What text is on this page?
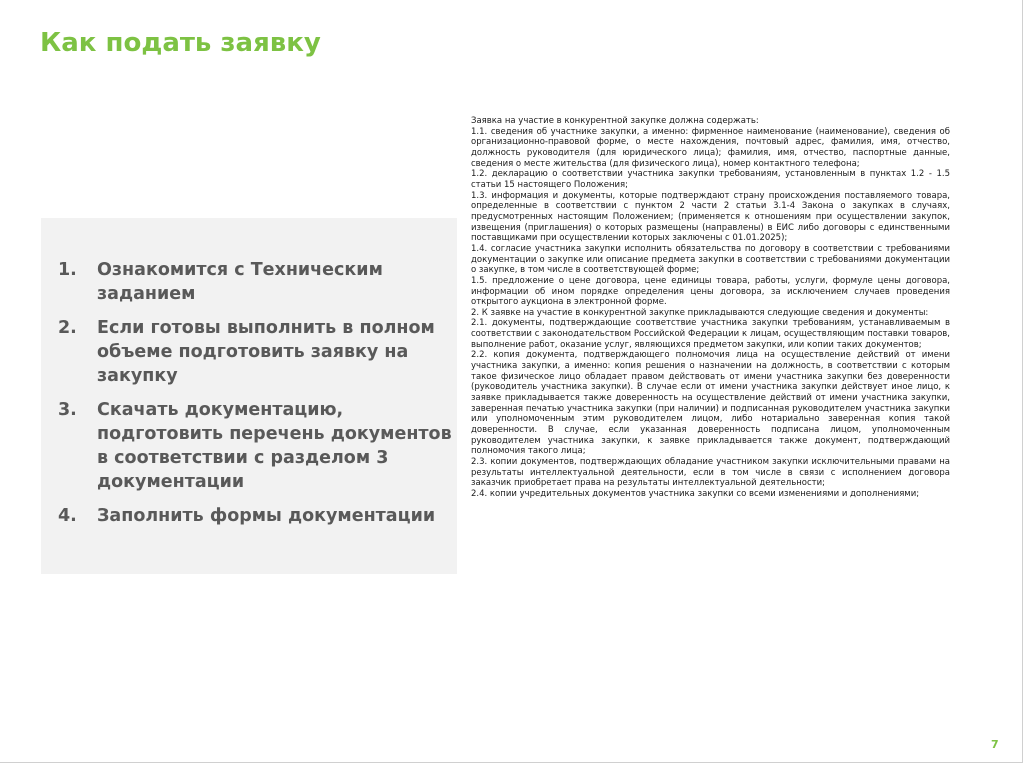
Как подать заявку
1.	Ознакомится с Техническим заданием
2.	Если готовы выполнить в полном объеме подготовить заявку на закупку
3.	Скачать документацию, подготовить перечень документов в соответствии с разделом 3 документации
4.	Заполнить формы документации

Заявка на участие в конкурентной закупке должна содержать:

1.1. сведения об участнике закупки, а именно: фирменное наименование (наименование), сведения об организационно-правовой форме, о месте нахождения, почтовый адрес, фамилия, имя, отчество, должность руководителя (для юридического лица); фамилия, имя, отчество, паспортные данные, сведения о месте жительства (для физического лица), номер контактного телефона;

1.2. декларацию о соответствии участника закупки требованиям, установленным в пунктах 1.2 - 1.5 статьи 15 настоящего Положения;

1.3. информация и документы, которые подтверждают страну происхождения поставляемого товара, определенные в соответствии с пунктом 2 части 2 статьи 3.1-4 Закона о закупках в случаях, предусмотренных настоящим Положением; (применяется к отношениям при осуществлении закупок, извещения (приглашения) о которых размещены (направлены) в ЕИС либо договоры с единственными поставщиками при осуществлении которых заключены с 01.01.2025);

1.4. согласие участника закупки исполнить обязательства по договору в соответствии с требованиями документации о закупке или описание предмета закупки в соответствии с требованиями документации о закупке, в том числе в соответствующей форме;

1.5. предложение о цене договора, цене единицы товара, работы, услуги, формуле цены договора, информации об ином порядке определения цены договора, за исключением случаев проведения открытого аукциона в электронной форме.

2. К заявке на участие в конкурентной закупке прикладываются следующие сведения и документы:

2.1. документы, подтверждающие соответствие участника закупки требованиям, устанавливаемым в соответствии с законодательством Российской Федерации к лицам, осуществляющим поставки товаров, выполнение работ, оказание услуг, являющихся предметом закупки, или копии таких документов;

2.2. копия документа, подтверждающего полномочия лица на осуществление действий от имени участника закупки, а именно: копия решения о назначении на должность, в соответствии с которым такое физическое лицо обладает правом действовать от имени участника закупки без доверенности (руководитель участника закупки). В случае если от имени участника закупки действует иное лицо, к заявке прикладывается также доверенность на осуществление действий от имени участника закупки, заверенная печатью участника закупки (при наличии) и подписанная руководителем участника закупки или уполномоченным этим руководителем лицом, либо нотариально заверенная копия такой доверенности. В случае, если указанная доверенность подписана лицом, уполномоченным руководителем участника закупки, к заявке прикладывается также документ, подтверждающий полномочия такого лица;

2.3. копии документов, подтверждающих обладание участником закупки исключительными правами на результаты интеллектуальной деятельности, если в том числе в связи с исполнением договора заказчик приобретает права на результаты интеллектуальной деятельности;

2.4. копии учредительных документов участника закупки со всеми изменениями и дополнениями;

7
